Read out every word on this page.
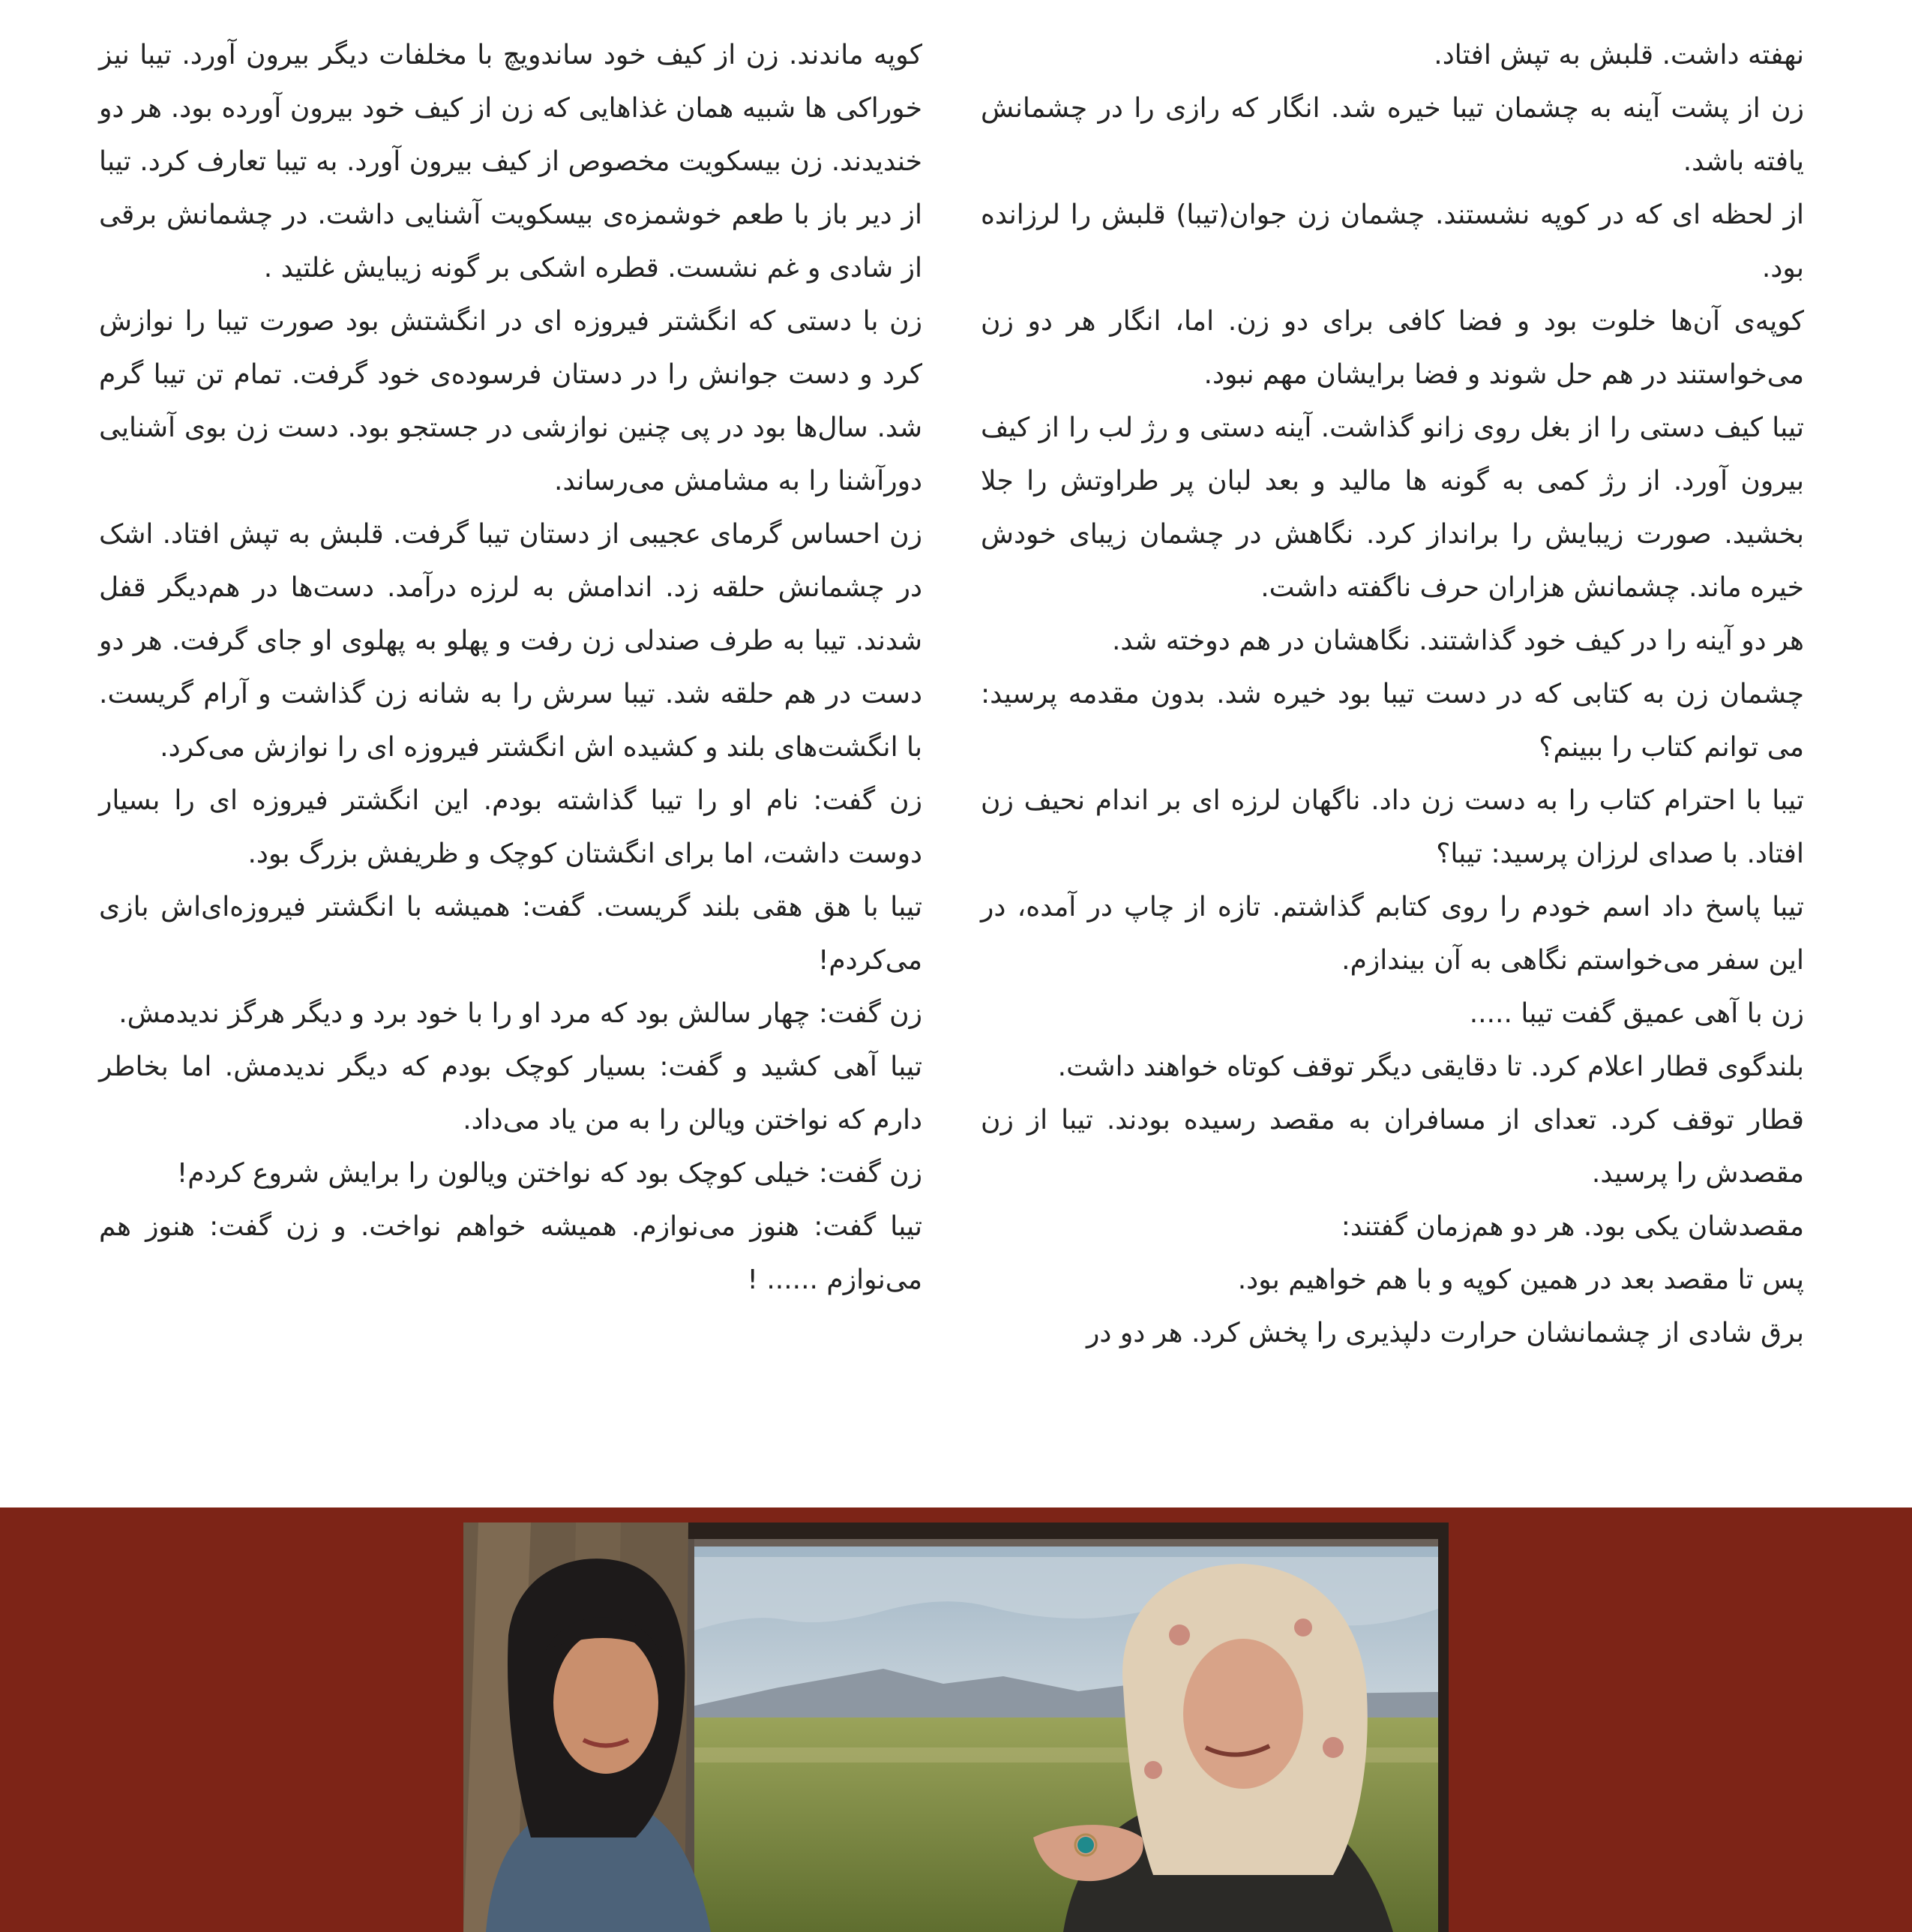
نهفته داشت. قلبش به تپش افتاد.

زن از پشت آینه به چشمان تیبا خیره شد. انگار که رازی را در چشمانش یافته باشد.

از لحظه ای که در کوپه نشستند. چشمان زن جوان(تیبا) قلبش را لرزانده بود.

کوپه‌ی آن‌ها خلوت بود و فضا کافی برای دو زن. اما، انگار هر دو زن می‌خواستند در هم حل شوند و فضا برایشان مهم نبود.

تیبا کیف دستی را از بغل روی زانو گذاشت. آینه دستی و رژ لب را از کیف بیرون آورد. از رژ کمی به گونه ها مالید و بعد لبان پر طراوتش را جلا بخشید. صورت زیبایش را برانداز کرد. نگاهش در چشمان زیبای خودش خیره ماند. چشمانش هزاران حرف ناگفته داشت.

هر دو آینه را در کیف خود گذاشتند. نگاهشان در هم دوخته شد.

چشمان زن به کتابی که در دست تیبا بود خیره شد. بدون مقدمه پرسید: می توانم کتاب را ببینم؟

تیبا با احترام کتاب را به دست زن داد. ناگهان لرزه ای بر اندام نحیف زن افتاد. با صدای لرزان پرسید: تیبا؟

تیبا پاسخ داد اسم خودم را روی کتابم گذاشتم. تازه از چاپ در آمده، در این سفر می‌خواستم نگاهی به آن بیندازم.

زن با آهی عمیق گفت تیبا .....

بلندگوی قطار اعلام کرد. تا دقایقی دیگر توقف کوتاه خواهند داشت.

قطار توقف کرد. تعدای از مسافران به مقصد رسیده بودند. تیبا از زن مقصدش را پرسید.

مقصدشان یکی بود. هر دو هم‌زمان گفتند:

پس تا مقصد بعد در همین کوپه و با هم خواهیم بود.

برق شادی از چشمانشان حرارت دلپذیری را پخش کرد. هر دو در

کوپه ماندند. زن از کیف خود ساندویچ با مخلفات دیگر بیرون آورد. تیبا نیز خوراکی ها شبیه همان غذاهایی که زن از کیف خود بیرون آورده بود. هر دو خندیدند. زن بیسکویت مخصوص از کیف بیرون آورد. به تیبا تعارف کرد. تیبا از دیر باز با طعم خوشمزه‌ی بیسکویت آشنایی داشت. در چشمانش برقی از شادی و غم نشست. قطره اشکی بر گونه زیبایش غلتید .

زن با دستی که انگشتر فیروزه ای در انگشتش بود صورت تیبا را نوازش کرد و دست جوانش را در دستان فرسوده‌ی خود گرفت. تمام تن تیبا گرم شد. سال‌ها بود در پی چنین نوازشی در جستجو بود. دست زن بوی آشنایی دورآشنا را به مشامش می‌رساند.

زن احساس گرمای عجیبی از دستان تیبا گرفت. قلبش به تپش افتاد. اشک در چشمانش حلقه زد. اندامش به لرزه درآمد. دست‌ها در هم‌دیگر قفل شدند. تیبا به طرف صندلی زن رفت و پهلو به پهلوی او جای گرفت. هر دو دست در هم حلقه شد. تیبا سرش را به شانه زن گذاشت و آرام گریست. با انگشت‌های بلند و کشیده اش انگشتر فیروزه ای را نوازش می‌کرد.

زن گفت: نام او را تیبا گذاشته بودم. این انگشتر فیروزه ای را بسیار دوست داشت، اما برای انگشتان کوچک و ظریفش بزرگ بود.

تیبا با هق هقی بلند گریست. گفت: همیشه با انگشتر فیروزه‌ای‌اش بازی می‌کردم!

زن گفت: چهار سالش بود که مرد او را با خود برد و دیگر هرگز ندیدمش.

تیبا آهی کشید و گفت: بسیار کوچک بودم که دیگر ندیدمش. اما بخاطر دارم که نواختن ویالن را به من یاد می‌داد.

زن گفت: خیلی کوچک بود که نواختن ویالون را برایش شروع کردم!

تیبا گفت: هنوز می‌نوازم. همیشه خواهم نواخت. و زن گفت: هنوز هم می‌نوازم ...... !
